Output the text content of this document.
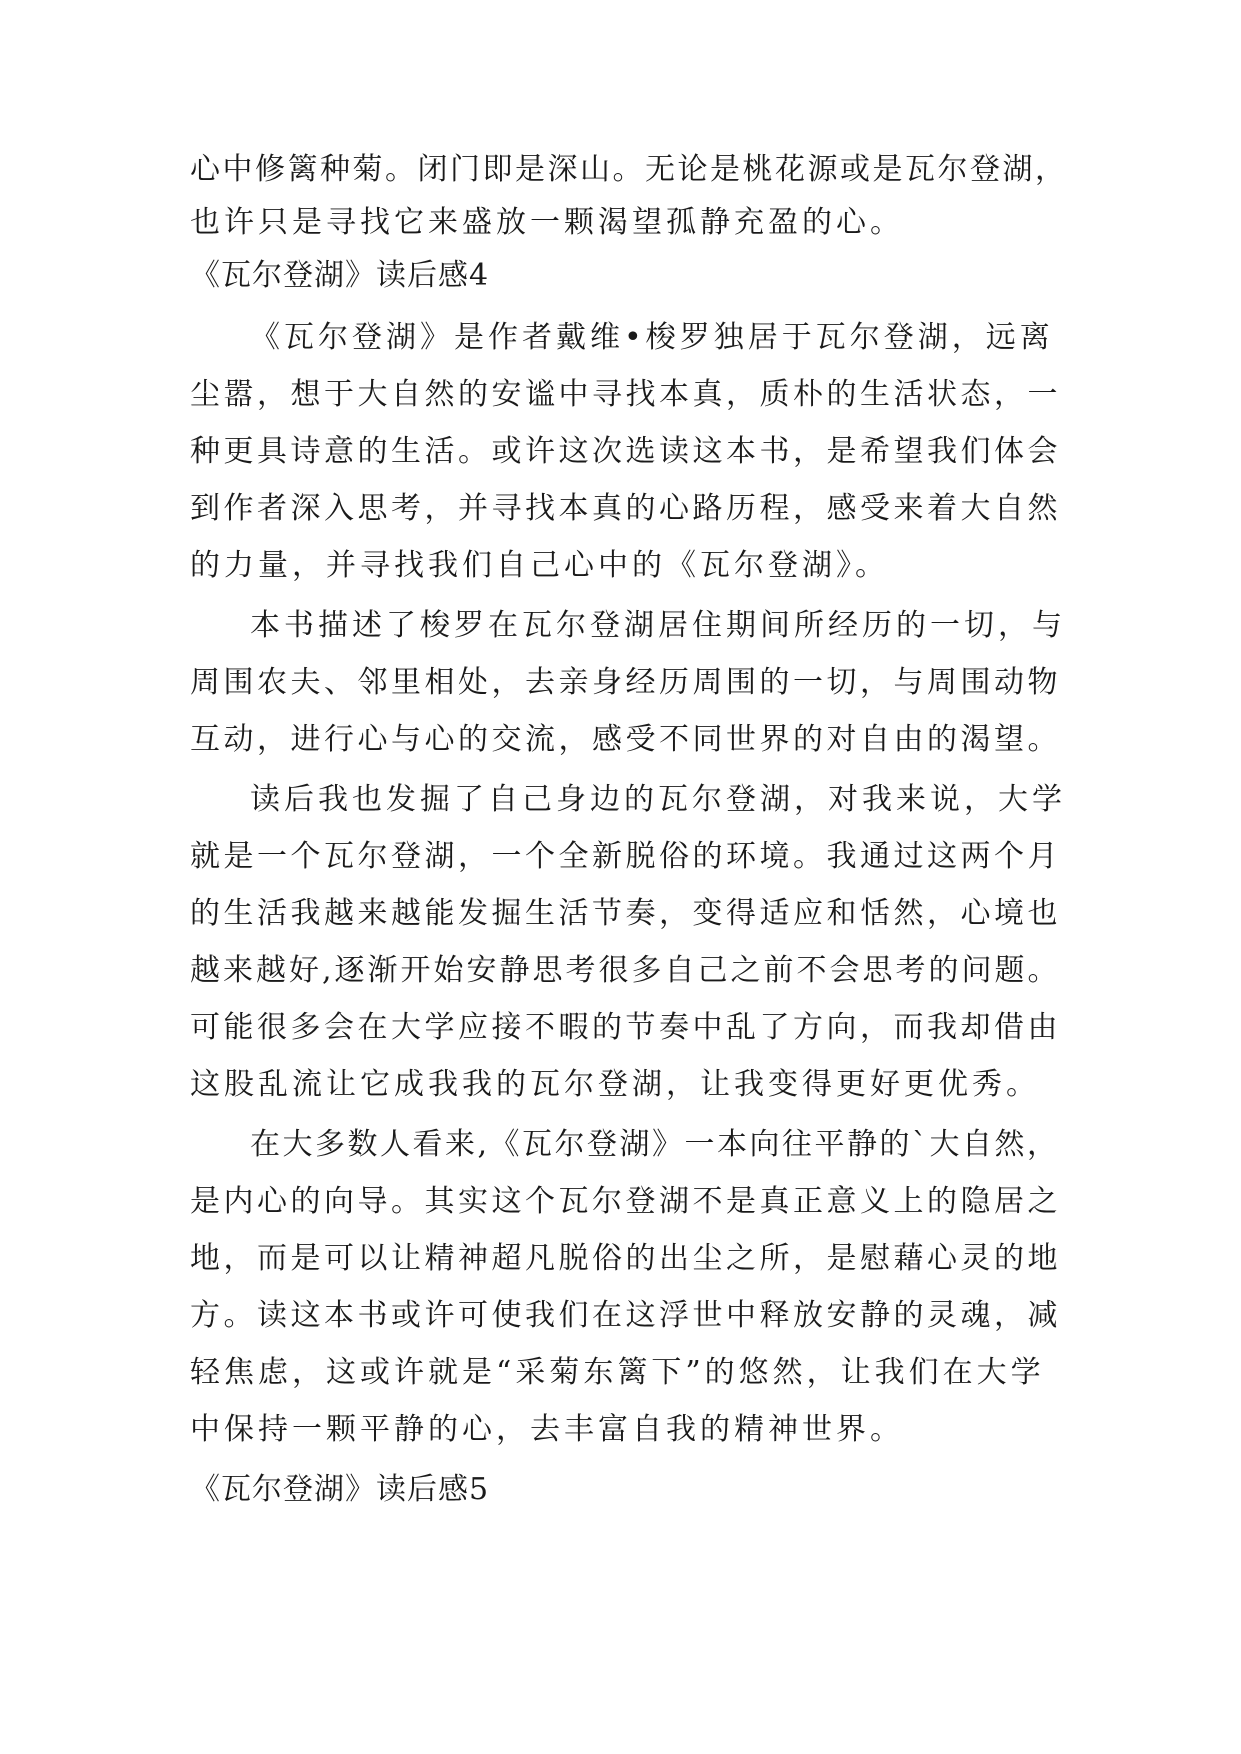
心中修篱种菊。闭门即是深山。无论是桃花源或是瓦尔登湖，
也许只是寻找它来盛放一颗渴望孤静充盈的心。
《瓦尔登湖》读后感4
《瓦尔登湖》是作者戴维•梭罗独居于瓦尔登湖，远离
尘嚣，想于大自然的安谧中寻找本真，质朴的生活状态，一
种更具诗意的生活。或许这次选读这本书，是希望我们体会
到作者深入思考，并寻找本真的心路历程，感受来着大自然
的力量，并寻找我们自己心中的《瓦尔登湖》。
本书描述了梭罗在瓦尔登湖居住期间所经历的一切，与
周围农夫、邻里相处，去亲身经历周围的一切，与周围动物
互动，进行心与心的交流，感受不同世界的对自由的渴望。
读后我也发掘了自己身边的瓦尔登湖，对我来说，大学
就是一个瓦尔登湖，一个全新脱俗的环境。我通过这两个月
的生活我越来越能发掘生活节奏，变得适应和恬然，心境也
越来越好,逐渐开始安静思考很多自己之前不会思考的问题。
可能很多会在大学应接不暇的节奏中乱了方向，而我却借由
这股乱流让它成我我的瓦尔登湖，让我变得更好更优秀。
在大多数人看来,《瓦尔登湖》一本向往平静的`大自然，
是内心的向导。其实这个瓦尔登湖不是真正意义上的隐居之
地，而是可以让精神超凡脱俗的出尘之所，是慰藉心灵的地
方。读这本书或许可使我们在这浮世中释放安静的灵魂，减
轻焦虑，这或许就是“采菊东篱下”的悠然，让我们在大学
中保持一颗平静的心，去丰富自我的精神世界。
《瓦尔登湖》读后感5
